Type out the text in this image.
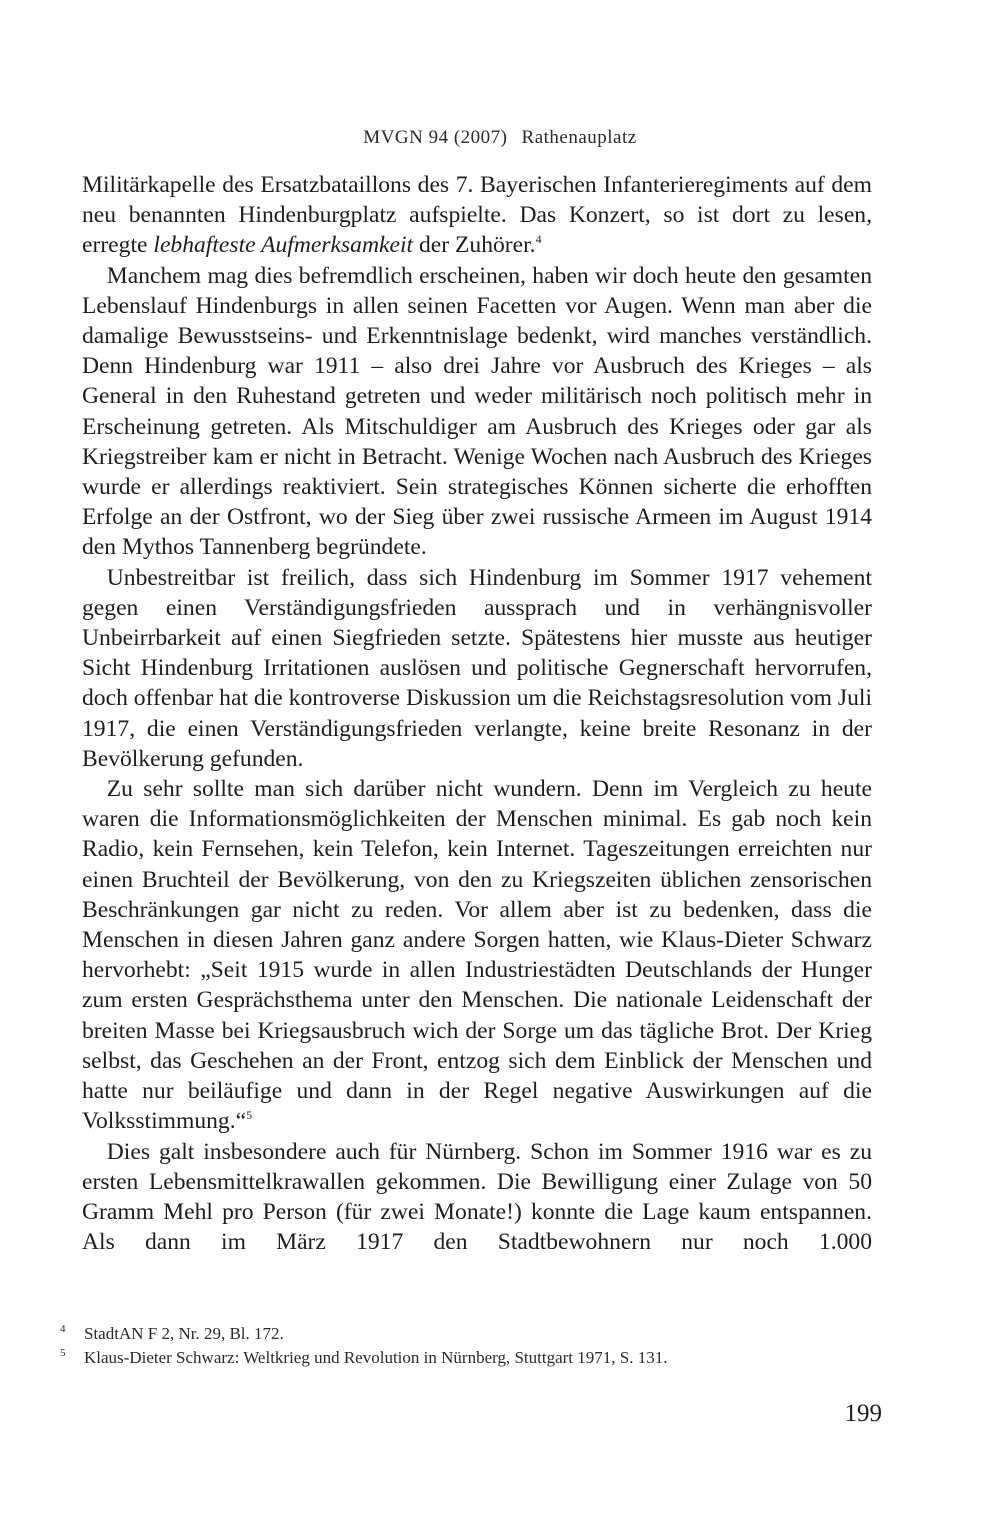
MVGN 94 (2007) Rathenauplatz

Militärkapelle des Ersatzbataillons des 7. Bayerischen Infanterieregiments auf dem neu benannten Hindenburgplatz aufspielte. Das Konzert, so ist dort zu lesen, erregte lebhafteste Aufmerksamkeit der Zuhörer.$^4$

Manchem mag dies befremdlich erscheinen, haben wir doch heute den gesamten Lebenslauf Hindenburgs in allen seinen Facetten vor Augen. Wenn man aber die damalige Bewusstseins- und Erkenntnislage bedenkt, wird manches verständlich. Denn Hindenburg war 1911 – also drei Jahre vor Ausbruch des Krieges – als General in den Ruhestand getreten und weder militärisch noch politisch mehr in Erscheinung getreten. Als Mitschuldiger am Ausbruch des Krieges oder gar als Kriegstreiber kam er nicht in Betracht. Wenige Wochen nach Ausbruch des Krieges wurde er allerdings reaktiviert. Sein strategisches Können sicherte die erhofften Erfolge an der Ostfront, wo der Sieg über zwei russische Armeen im August 1914 den Mythos Tannenberg begründete.

Unbestreitbar ist freilich, dass sich Hindenburg im Sommer 1917 vehement gegen einen Verständigungsfrieden aussprach und in verhängnisvoller Unbeirrbarkeit auf einen Siegfrieden setzte. Spätestens hier musste aus heutiger Sicht Hindenburg Irritationen auslösen und politische Gegnerschaft hervorrufen, doch offenbar hat die kontroverse Diskussion um die Reichstagsresolution vom Juli 1917, die einen Verständigungsfrieden verlangte, keine breite Resonanz in der Bevölkerung gefunden.

Zu sehr sollte man sich darüber nicht wundern. Denn im Vergleich zu heute waren die Informationsmöglichkeiten der Menschen minimal. Es gab noch kein Radio, kein Fernsehen, kein Telefon, kein Internet. Tageszeitungen erreichten nur einen Bruchteil der Bevölkerung, von den zu Kriegszeiten üblichen zensorischen Beschränkungen gar nicht zu reden. Vor allem aber ist zu bedenken, dass die Menschen in diesen Jahren ganz andere Sorgen hatten, wie Klaus-Dieter Schwarz hervorhebt: „Seit 1915 wurde in allen Industriestädten Deutschlands der Hunger zum ersten Gesprächsthema unter den Menschen. Die nationale Leidenschaft der breiten Masse bei Kriegsausbruch wich der Sorge um das tägliche Brot. Der Krieg selbst, das Geschehen an der Front, entzog sich dem Einblick der Menschen und hatte nur beiläufige und dann in der Regel negative Auswirkungen auf die Volksstimmung.“$^5$

Dies galt insbesondere auch für Nürnberg. Schon im Sommer 1916 war es zu ersten Lebensmittelkrawallen gekommen. Die Bewilligung einer Zulage von 50 Gramm Mehl pro Person (für zwei Monate!) konnte die Lage kaum entspannen. Als dann im März 1917 den Stadtbewohnern nur noch 1.000

4	StadtAN F 2, Nr. 29, Bl. 172.
5	Klaus-Dieter Schwarz: Weltkrieg und Revolution in Nürnberg, Stuttgart 1971, S. 131.
199
